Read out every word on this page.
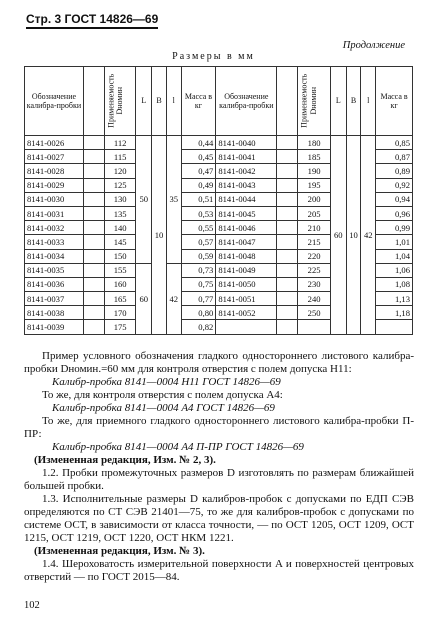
Стр. 3 ГОСТ 14826—69
Продолжение
Размеры в мм
Обозначение калибра-пробки	Применяемость	Dномин	L	B	l	Масса в кг	Обозначение калибра-пробки	Применяемость	Dномин	L	B	l	Масса в кг
8141-0026		112	50	10	35	0,44	8141-0040		180	60	10	42	0,85
8141-0027		115				0,45	8141-0041		185				0,87
8141-0028		120				0,47	8141-0042		190				0,89
8141-0029		125				0,49	8141-0043		195				0,92
8141-0030		130				0,51	8141-0044		200				0,94
8141-0031		135				0,53	8141-0045		205				0,96
8141-0032		140				0,55	8141-0046		210				0,99
8141-0033		145				0,57	8141-0047		215				1,01
8141-0034		150				0,59	8141-0048		220				1,04
8141-0035		155	60		42	0,73	8141-0049		225				1,06
8141-0036		160				0,75	8141-0050		230				1,08
8141-0037		165				0,77	8141-0051		240				1,13
8141-0038		170				0,80	8141-0052		250				1,18
8141-0039		175				0,82							

Пример условного обозначения гладкого одностороннего листового калибра-пробки Dномин.=60 мм для контроля отверстия с полем допуска H11:

Калибр-пробка 8141—0004 H11 ГОСТ 14826—69

То же, для контроля отверстия с полем допуска A4:

Калибр-пробка 8141—0004 A4 ГОСТ 14826—69

То же, для приемного гладкого одностороннего листового калибра-пробки П-ПР:

Калибр-пробка 8141—0004 A4 П-ПР ГОСТ 14826—69

(Измененная редакция, Изм. № 2, 3).

1.2. Пробки промежуточных размеров D изготовлять по размерам ближайшей большей пробки.

1.3. Исполнительные размеры D калибров-пробок с допусками по ЕДП СЭВ определяются по СТ СЭВ 21401—75, то же для калибров-пробок с допусками по системе ОСТ, в зависимости от класса точности, — по ОСТ 1205, ОСТ 1209, ОСТ 1215, ОСТ 1219, ОСТ 1220, ОСТ НКМ 1221.

(Измененная редакция, Изм. № 3).

1.4. Шероховатость измерительной поверхности A и поверхностей центровых отверстий — по ГОСТ 2015—84.

102
